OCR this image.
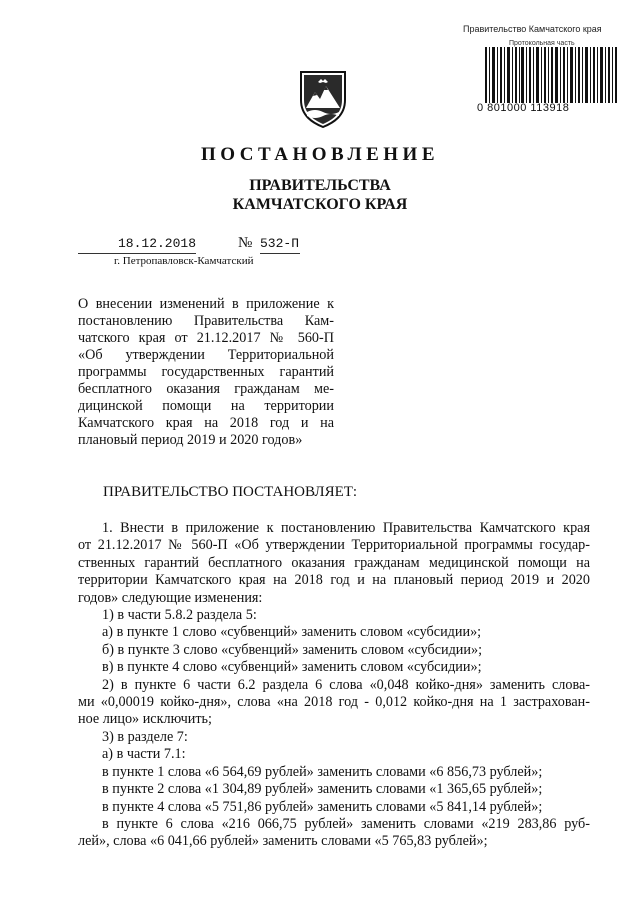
Правительство Камчатского края
Протокольная часть
0 801000 113918
ПОСТАНОВЛЕНИЕ
ПРАВИТЕЛЬСТВА
КАМЧАТСКОГО КРАЯ
18.12.2018	№ 532-П
г. Петропавловск-Камчатский
О внесении изменений в приложение к
постановлению Правительства Кам-
чатского края от 21.12.2017 № 560-П
«Об утверждении Территориальной
программы государственных гарантий
бесплатного оказания гражданам ме-
дицинской помощи на территории
Камчатского края на 2018 год и на
плановый период 2019 и 2020 годов»
ПРАВИТЕЛЬСТВО ПОСТАНОВЛЯЕТ:
1. Внести в приложение к постановлению Правительства Камчатского края
от 21.12.2017 № 560-П «Об утверждении Территориальной программы государ-
ственных гарантий бесплатного оказания гражданам медицинской помощи на
территории Камчатского края на 2018 год и на плановый период 2019 и 2020
годов» следующие изменения:
1) в части 5.8.2 раздела 5:
а) в пункте 1 слово «субвенций» заменить словом «субсидии»;
б) в пункте 3 слово «субвенций» заменить словом «субсидии»;
в) в пункте 4 слово «субвенций» заменить словом «субсидии»;
2) в пункте 6 части 6.2 раздела 6 слова «0,048 койко-дня» заменить слова-
ми «0,00019 койко-дня», слова «на 2018 год - 0,012 койко-дня на 1 застрахован-
ное лицо» исключить;
3) в разделе 7:
а) в части 7.1:
в пункте 1 слова «6 564,69 рублей» заменить словами «6 856,73 рублей»;
в пункте 2 слова «1 304,89 рублей» заменить словами «1 365,65 рублей»;
в пункте 4 слова «5 751,86 рублей» заменить словами «5 841,14 рублей»;
в пункте 6 слова «216 066,75 рублей» заменить словами «219 283,86 руб-
лей», слова «6 041,66 рублей» заменить словами «5 765,83 рублей»;
